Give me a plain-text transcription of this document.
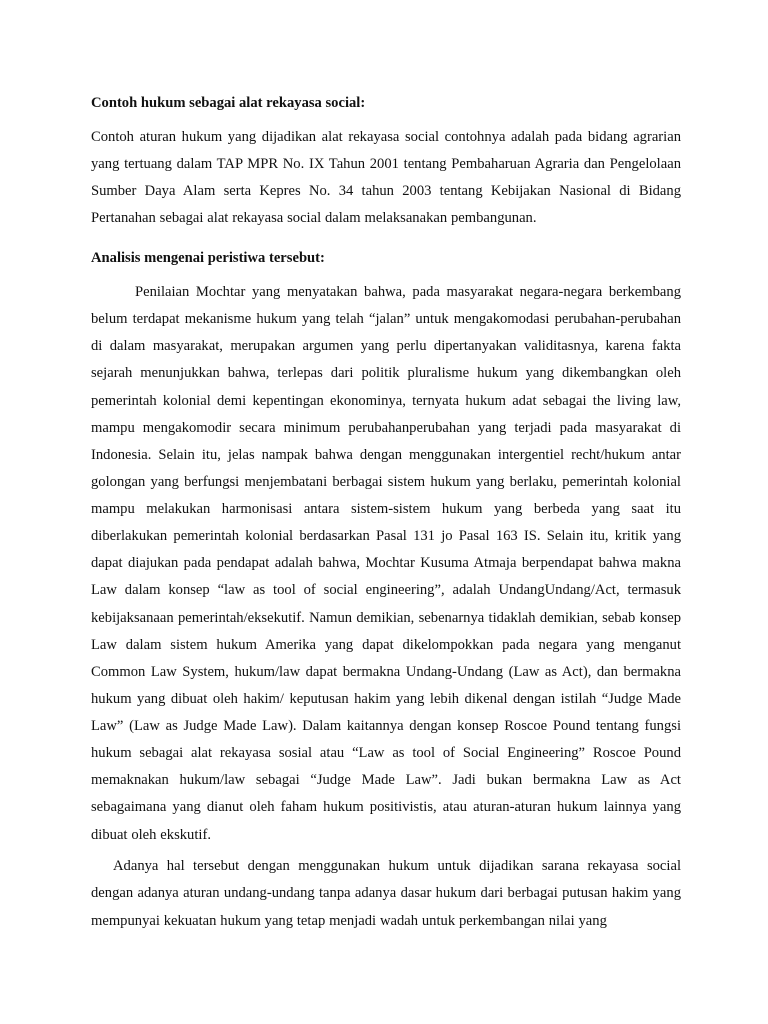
Contoh hukum sebagai alat rekayasa social:

Contoh aturan hukum yang dijadikan alat rekayasa social contohnya adalah pada bidang agrarian yang tertuang dalam TAP MPR No. IX Tahun 2001 tentang Pembaharuan Agraria dan Pengelolaan Sumber Daya Alam serta Kepres No. 34 tahun 2003 tentang Kebijakan Nasional di Bidang Pertanahan sebagai alat rekayasa social dalam melaksanakan pembangunan.

Analisis mengenai peristiwa tersebut:

Penilaian Mochtar yang menyatakan bahwa, pada masyarakat negara-negara berkembang belum terdapat mekanisme hukum yang telah “jalan” untuk mengakomodasi perubahan-perubahan di dalam masyarakat, merupakan argumen yang perlu dipertanyakan validitasnya, karena fakta sejarah menunjukkan bahwa, terlepas dari politik pluralisme hukum yang dikembangkan oleh pemerintah kolonial demi kepentingan ekonominya, ternyata hukum adat sebagai the living law, mampu mengakomodir secara minimum perubahanperubahan yang terjadi pada masyarakat di Indonesia. Selain itu, jelas nampak bahwa dengan menggunakan intergentiel recht/hukum antar golongan yang berfungsi menjembatani berbagai sistem hukum yang berlaku, pemerintah kolonial mampu melakukan harmonisasi antara sistem-sistem hukum yang berbeda yang saat itu diberlakukan pemerintah kolonial berdasarkan Pasal 131 jo Pasal 163 IS. Selain itu, kritik yang dapat diajukan pada pendapat adalah bahwa, Mochtar Kusuma Atmaja berpendapat bahwa makna Law dalam konsep “law as tool of social engineering”, adalah UndangUndang/Act, termasuk kebijaksanaan pemerintah/eksekutif. Namun demikian, sebenarnya tidaklah demikian, sebab konsep Law dalam sistem hukum Amerika yang dapat dikelompokkan pada negara yang menganut Common Law System, hukum/law dapat bermakna Undang-Undang (Law as Act), dan bermakna hukum yang dibuat oleh hakim/ keputusan hakim yang lebih dikenal dengan istilah “Judge Made Law” (Law as Judge Made Law). Dalam kaitannya dengan konsep Roscoe Pound tentang fungsi hukum sebagai alat rekayasa sosial atau “Law as tool of Social Engineering” Roscoe Pound memaknakan hukum/law sebagai “Judge Made Law”. Jadi bukan bermakna Law as Act sebagaimana yang dianut oleh faham hukum positivistis, atau aturan-aturan hukum lainnya yang dibuat oleh ekskutif.

Adanya hal tersebut dengan menggunakan hukum untuk dijadikan sarana rekayasa social dengan adanya aturan undang-undang tanpa adanya dasar hukum dari berbagai putusan hakim yang mempunyai kekuatan hukum yang tetap menjadi wadah untuk perkembangan nilai yang
